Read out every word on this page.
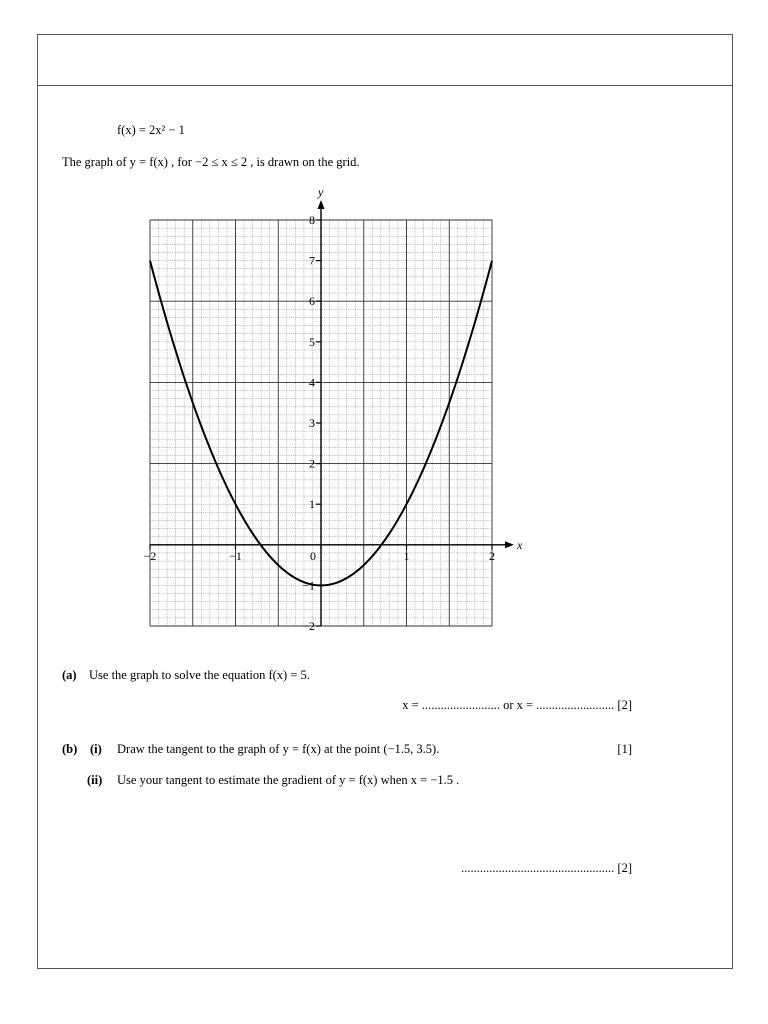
f(x) = 2x² − 1
The graph of y = f(x) , for −2 ≤ x ≤ 2 , is drawn on the grid.
x
y
−2
−1
1
2
3
4
5
6
7
8
−2	−1	0	1	2
(a) Use the graph to solve the equation f(x) = 5.
x = ......................... or x = ......................... [2]
(b) (i) Draw the tangent to the graph of y = f(x) at the point (−1.5, 3.5).	[1]
(ii) Use your tangent to estimate the gradient of y = f(x) when x = −1.5 .
................................................. [2]
